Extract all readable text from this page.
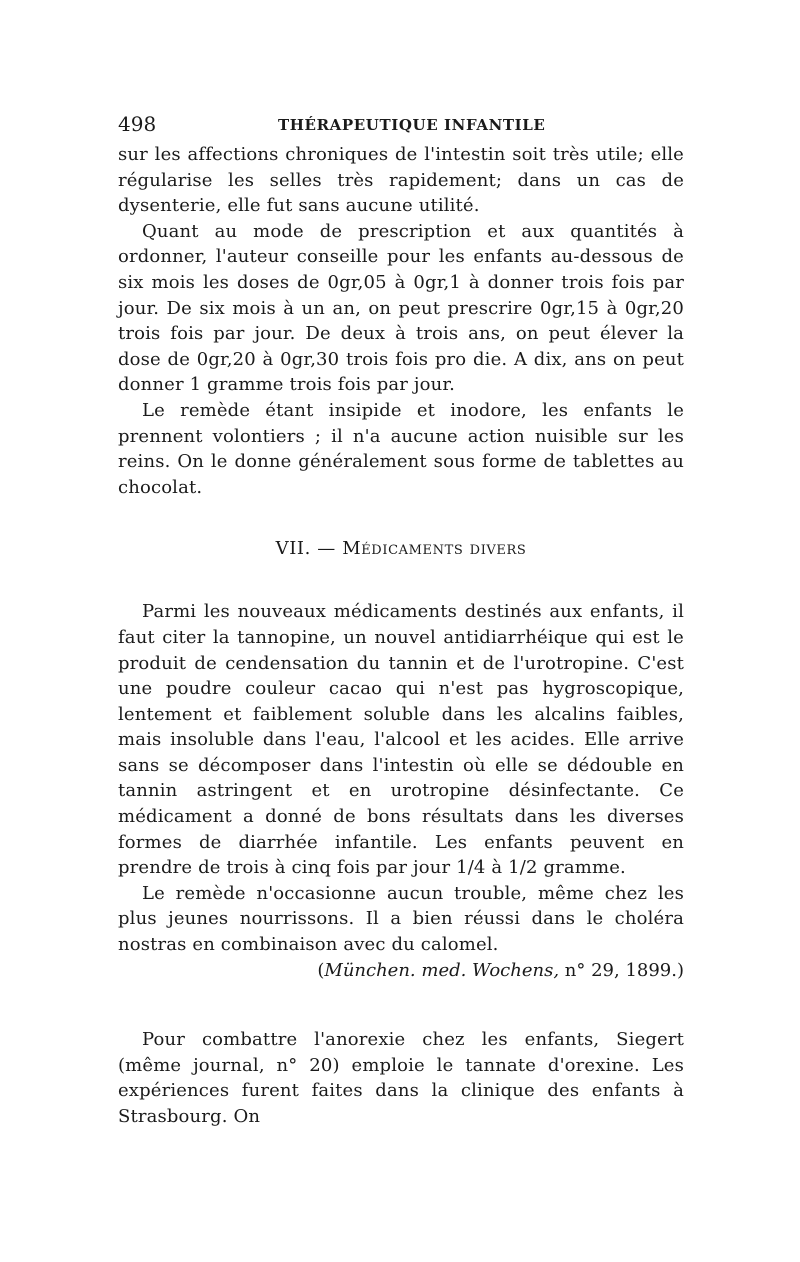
498	THÉRAPEUTIQUE INFANTILE

sur les affections chroniques de l'intestin soit très utile; elle régularise les selles très rapidement; dans un cas de dysenterie, elle fut sans aucune utilité.

Quant au mode de prescription et aux quantités à ordonner, l'auteur conseille pour les enfants au-dessous de six mois les doses de 0gr,05 à 0gr,1 à donner trois fois par jour. De six mois à un an, on peut prescrire 0gr,15 à 0gr,20 trois fois par jour. De deux à trois ans, on peut élever la dose de 0gr,20 à 0gr,30 trois fois pro die. A dix, ans on peut donner 1 gramme trois fois par jour.

Le remède étant insipide et inodore, les enfants le prennent volontiers ; il n'a aucune action nuisible sur les reins. On le donne généralement sous forme de tablettes au chocolat.

VII. — Médicaments divers

Parmi les nouveaux médicaments destinés aux enfants, il faut citer la tannopine, un nouvel antidiarrhéique qui est le produit de cendensation du tannin et de l'urotropine. C'est une poudre couleur cacao qui n'est pas hygroscopique, lentement et faiblement soluble dans les alcalins faibles, mais insoluble dans l'eau, l'alcool et les acides. Elle arrive sans se décomposer dans l'intestin où elle se dédouble en tannin astringent et en urotropine désinfectante. Ce médicament a donné de bons résultats dans les diverses formes de diarrhée infantile. Les enfants peuvent en prendre de trois à cinq fois par jour 1/4 à 1/2 gramme.

Le remède n'occasionne aucun trouble, même chez les plus jeunes nourrissons. Il a bien réussi dans le choléra nostras en combinaison avec du calomel.

(München. med. Wochens, n° 29, 1899.)

Pour combattre l'anorexie chez les enfants, Siegert (même journal, n° 20) emploie le tannate d'orexine. Les expériences furent faites dans la clinique des enfants à Strasbourg. On
